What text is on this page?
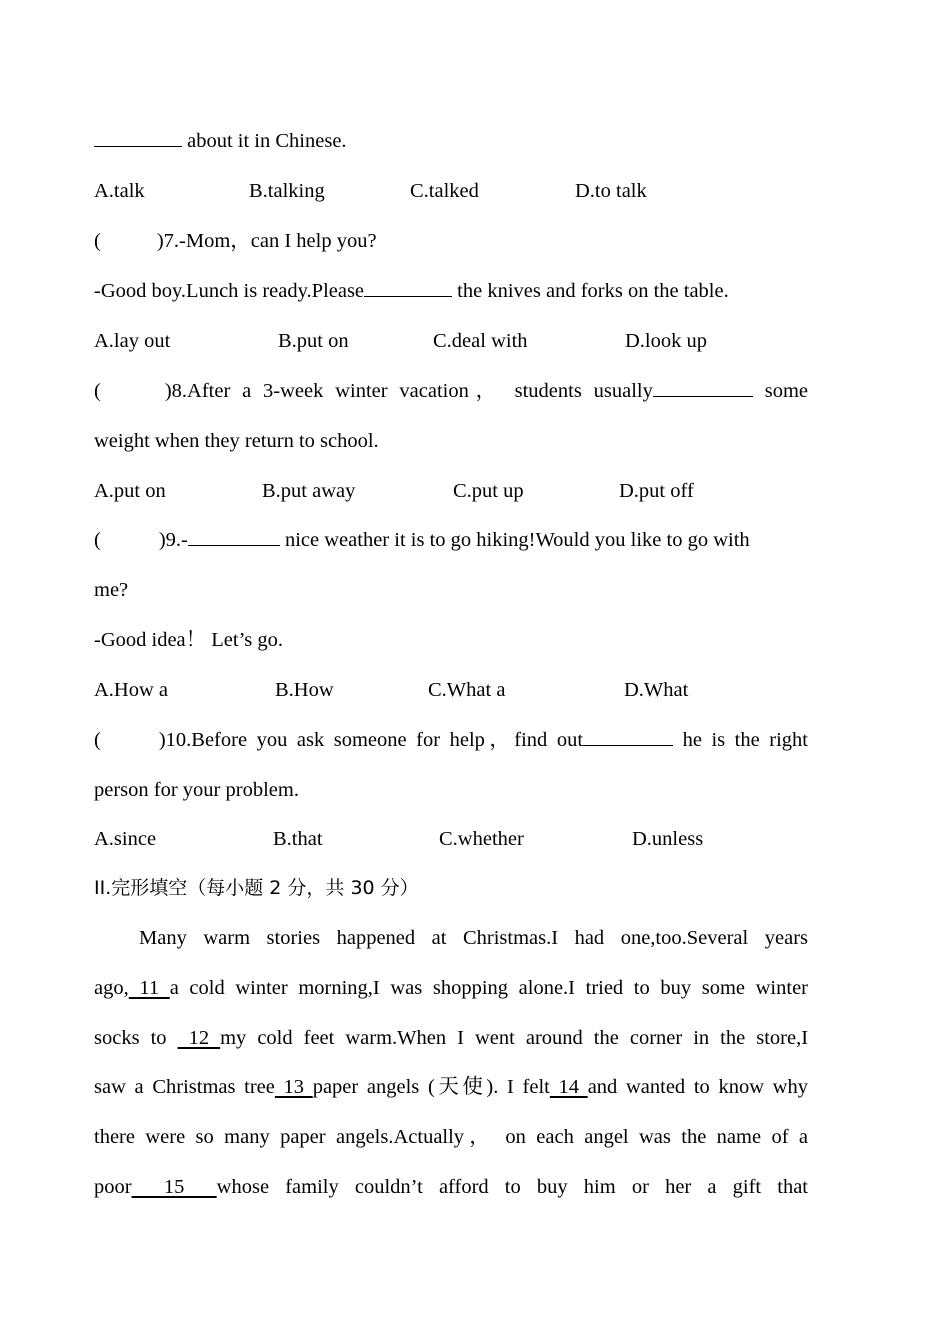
about it in Chinese.
A.talk	B.talking	C.talked	D.to talk
(	)7.-Mom，can I help you?
-Good boy.Lunch is ready.Please	the knives and forks on the table.
A.lay out	B.put on	C.deal with	D.look up
(	)8.After a 3-week winter vacation， students usually	some
weight when they return to school.
A.put on	B.put away	C.put up	D.put off
(	)9.-	nice weather it is to go hiking!Would you like to go with
me?
-Good idea！ Let’s go.
A.How a	B.How	C.What a	D.What
(	)10.Before you ask someone for help，find out	he is the right
person for your problem.
A.since	B.that	C.whether	D.unless
II.完形填空（每小题 2 分，共 30 分）
Many warm stories happened at Christmas.I had one,too.Several years
ago, 11 a cold winter morning,I was shopping alone.I tried to buy some winter
socks to  12 my cold feet warm.When I went around the corner in the store,I
saw a Christmas tree 13 paper angels (天使). I felt 14 and wanted to know why
there were so many paper angels.Actually， on each angel was the name of a
poor  15  whose family couldn’t afford to buy him or her a gift that
